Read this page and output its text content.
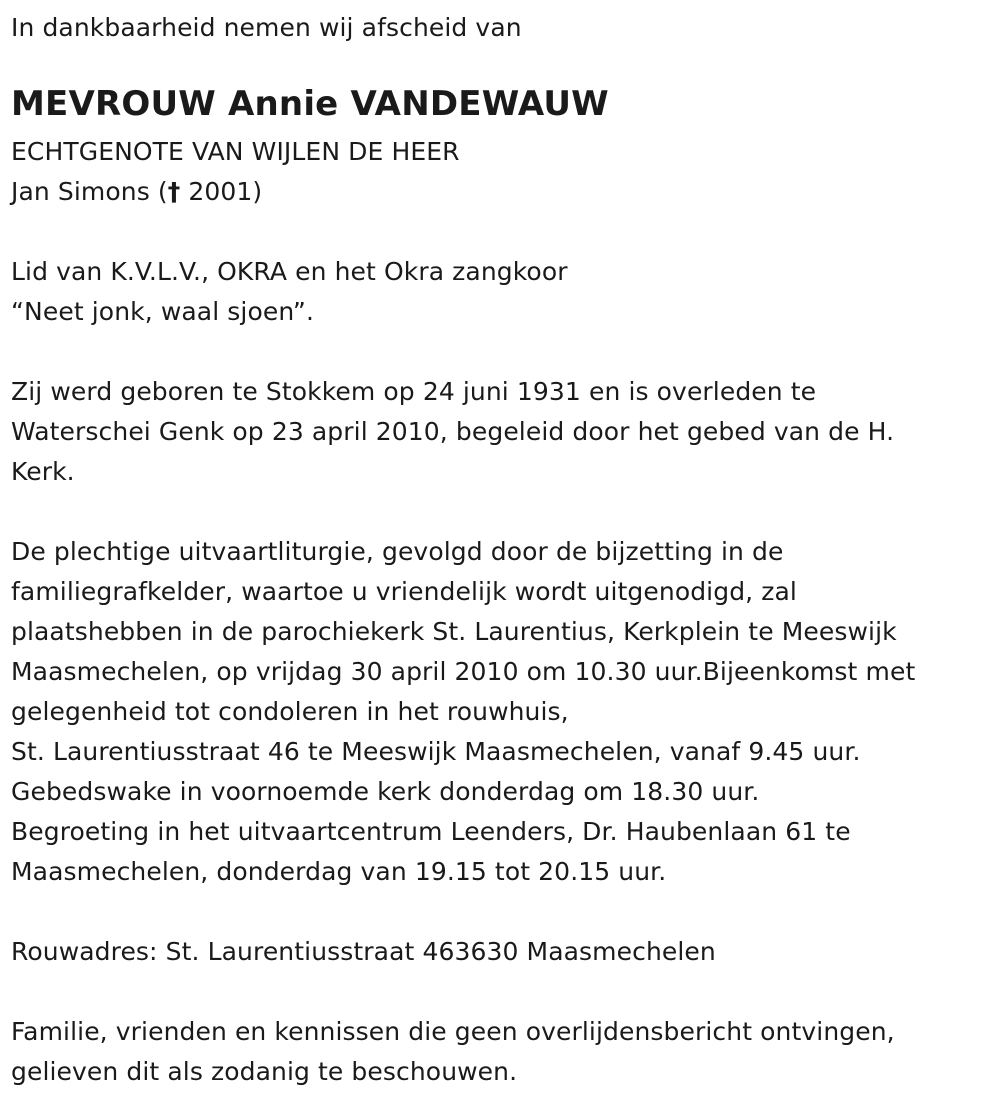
In dankbaarheid nemen wij afscheid van

MEVROUW Annie VANDEWAUW

ECHTGENOTE VAN WIJLEN DE HEER

Jan Simons († 2001)

Lid van K.V.L.V., OKRA en het Okra zangkoor

“Neet jonk, waal sjoen”.

Zij werd geboren te Stokkem op 24 juni 1931 en is overleden te

Waterschei Genk op 23 april 2010, begeleid door het gebed van de H.

Kerk.

De plechtige uitvaartliturgie, gevolgd door de bijzetting in de

familiegrafkelder, waartoe u vriendelijk wordt uitgenodigd, zal

plaatshebben in de parochiekerk St. Laurentius, Kerkplein te Meeswijk

Maasmechelen, op vrijdag 30 april 2010 om 10.30 uur.Bijeenkomst met

gelegenheid tot condoleren in het rouwhuis,

St. Laurentiusstraat 46 te Meeswijk Maasmechelen, vanaf 9.45 uur.

Gebedswake in voornoemde kerk donderdag om 18.30 uur.

Begroeting in het uitvaartcentrum Leenders, Dr. Haubenlaan 61 te

Maasmechelen, donderdag van 19.15 tot 20.15 uur.

Rouwadres: St. Laurentiusstraat 463630 Maasmechelen

Familie, vrienden en kennissen die geen overlijdensbericht ontvingen,

gelieven dit als zodanig te beschouwen.
